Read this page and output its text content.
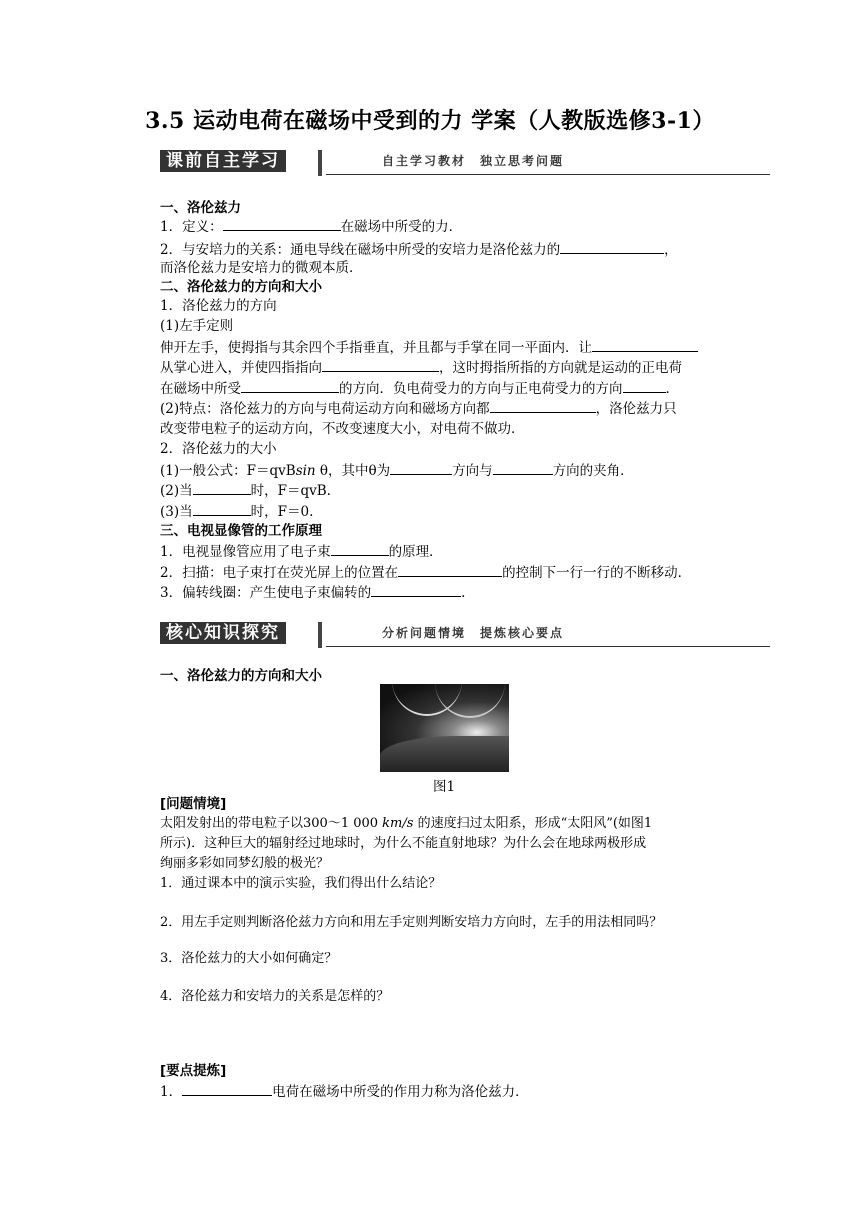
3.5 运动电荷在磁场中受到的力 学案（人教版选修3-1）
课前自主学习	自主学习教材　独立思考问题
一、洛伦兹力
1．定义：	在磁场中所受的力．
2．与安培力的关系：通电导线在磁场中所受的安培力是洛伦兹力的	，
而洛伦兹力是安培力的微观本质．
二、洛伦兹力的方向和大小
1．洛伦兹力的方向
(1)左手定则
伸开左手，使拇指与其余四个手指垂直，并且都与手掌在同一平面内．让
从掌心进入，并使四指指向	，这时拇指所指的方向就是运动的正电荷
在磁场中所受	的方向．负电荷受力的方向与正电荷受力的方向	．
(2)特点：洛伦兹力的方向与电荷运动方向和磁场方向都	，洛伦兹力只
改变带电粒子的运动方向，不改变速度大小，对电荷不做功．
2．洛伦兹力的大小
(1)一般公式：F＝qvBsin θ，其中θ为	方向与	方向的夹角．
(2)当	时，F＝qvB.
(3)当	时，F＝0.
三、电视显像管的工作原理
1．电视显像管应用了电子束	的原理．
2．扫描：电子束打在荧光屏上的位置在	的控制下一行一行的不断移动．
3．偏转线圈：产生使电子束偏转的	.
核心知识探究	分析问题情境　提炼核心要点
一、洛伦兹力的方向和大小
图1
[问题情境]
太阳发射出的带电粒子以300～1 000 km/s 的速度扫过太阳系，形成“太阳风”(如图1
所示)．这种巨大的辐射经过地球时，为什么不能直射地球？为什么会在地球两极形成
绚丽多彩如同梦幻般的极光？
1．通过课本中的演示实验，我们得出什么结论？
2．用左手定则判断洛伦兹力方向和用左手定则判断安培力方向时，左手的用法相同吗？
3．洛伦兹力的大小如何确定？
4．洛伦兹力和安培力的关系是怎样的？
[要点提炼]
1．	电荷在磁场中所受的作用力称为洛伦兹力．
